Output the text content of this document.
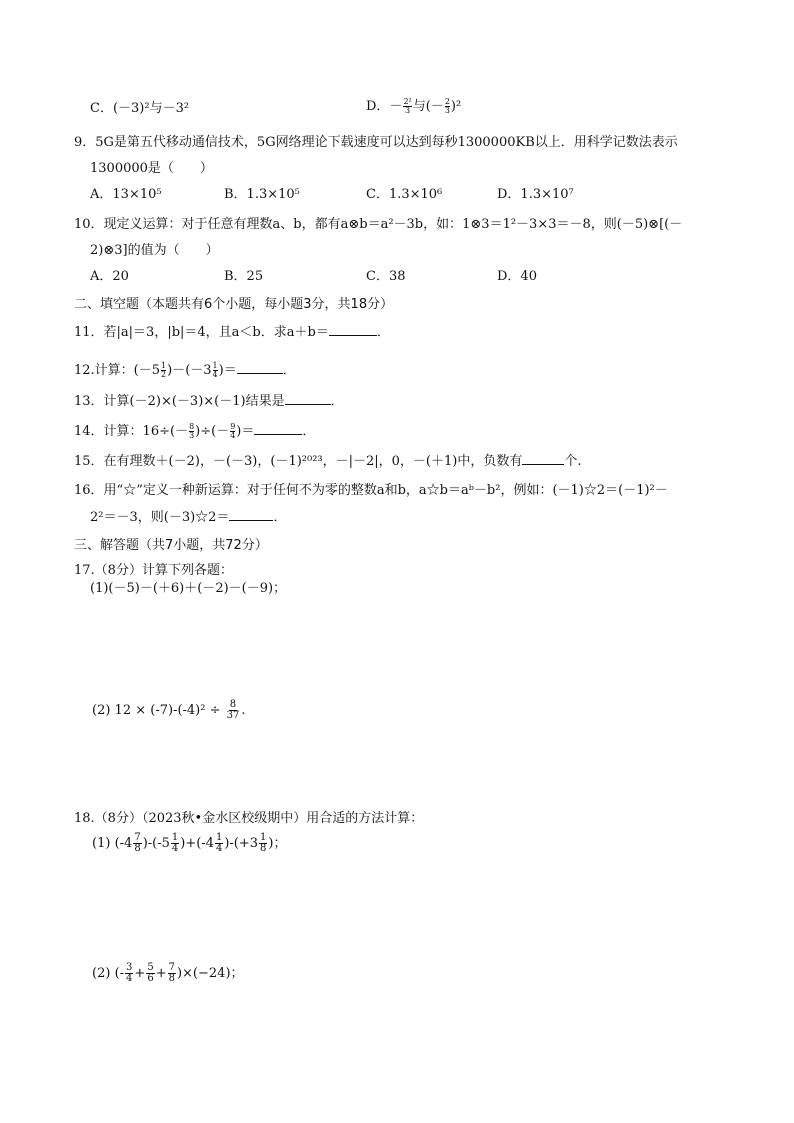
C．(－3)²与－3²	D．－ $\frac{\text{2²}}{3}$ 与(－ $\frac{2}{3} )^2$
9．5G是第五代移动通信技术，5G网络理论下载速度可以达到每秒1300000KB以上．用科学记数法表示
1300000是（　　）
A．13×10⁵	B．1.3×10⁵	C．1.3×10⁶	D．1.3×10⁷
10．现定义运算：对于任意有理数a、b，都有a⊗b＝a²－3b，如：1⊗3＝1²－3×3＝－8，则(－5)⊗[(－
2)⊗3]的值为（　　）
A．20	B．25	C．38	D．40
二、填空题（本题共有6个小题，每小题3分，共18分）
11．若|a|＝3，|b|＝4，且a＜b．求a＋b＝	．
12.计算：$(-5 \frac{1}{2} )-(-3 \frac{1}{4}$ )＝	．
13．计算(－2)×(－3)×(－1)结果是	．
14．计算：$16\div(- \frac{8}{3}$ )÷(－ $\frac{9}{4}$ )＝	．
15．在有理数＋(－2)，－(－3)，(－1)²⁰²³，－|－2|，0，－(＋1)中，负数有	个.
16．用“☆”定义一种新运算：对于任何不为零的整数a和b，a☆b＝aᵇ－b²，例如：(－1)☆2＝(－1)²－
2²＝－3，则(－3)☆2＝	．
三、解答题（共7小题，共72分）
17.（8分）计算下列各题：
(1)(－5)－(＋6)＋(－2)－(－9)；
(2) $12 \times (-7)-(-4)^2 \div \frac{8}{37}$ .
18.（8分）（2023秋•金水区校级期中）用合适的方法计算：
(1) $(-4 \frac{7}{8} )-(-5 \frac{1}{4} )+(-4 \frac{1}{4} )-(+3 \frac{1}{8}$ )；
(2) (- $\frac{3}{4} + \frac{5}{6} + \frac{7}{8} )\times(-24)$；
